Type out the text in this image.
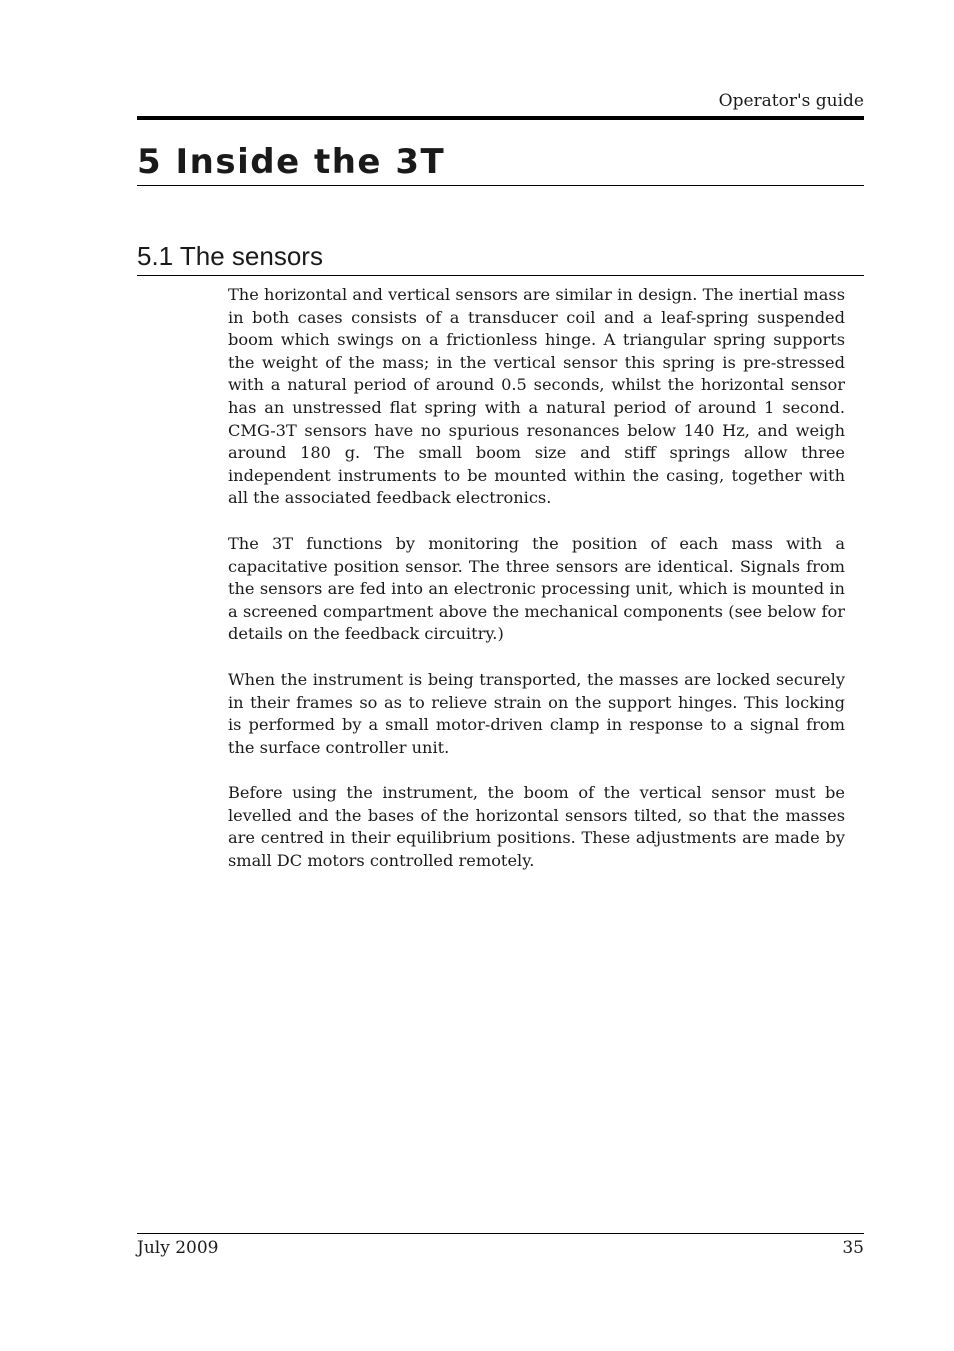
Operator's guide
5 Inside the 3T
5.1 The sensors

The horizontal and vertical sensors are similar in design. The inertial mass in both cases consists of a transducer coil and a leaf-spring suspended boom which swings on a frictionless hinge. A triangular spring supports the weight of the mass; in the vertical sensor this spring is pre-stressed with a natural period of around 0.5 seconds, whilst the horizontal sensor has an unstressed flat spring with a natural period of around 1 second. CMG-3T sensors have no spurious resonances below 140 Hz, and weigh around 180 g. The small boom size and stiff springs allow three independent instruments to be mounted within the casing, together with all the associated feedback electronics.

The 3T functions by monitoring the position of each mass with a capacitative position sensor. The three sensors are identical. Signals from the sensors are fed into an electronic processing unit, which is mounted in a screened compartment above the mechanical components (see below for details on the feedback circuitry.)

When the instrument is being transported, the masses are locked securely in their frames so as to relieve strain on the support hinges. This locking is performed by a small motor-driven clamp in response to a signal from the surface controller unit.

Before using the instrument, the boom of the vertical sensor must be levelled and the bases of the horizontal sensors tilted, so that the masses are centred in their equilibrium positions. These adjustments are made by small DC motors controlled remotely.

July 2009	35
